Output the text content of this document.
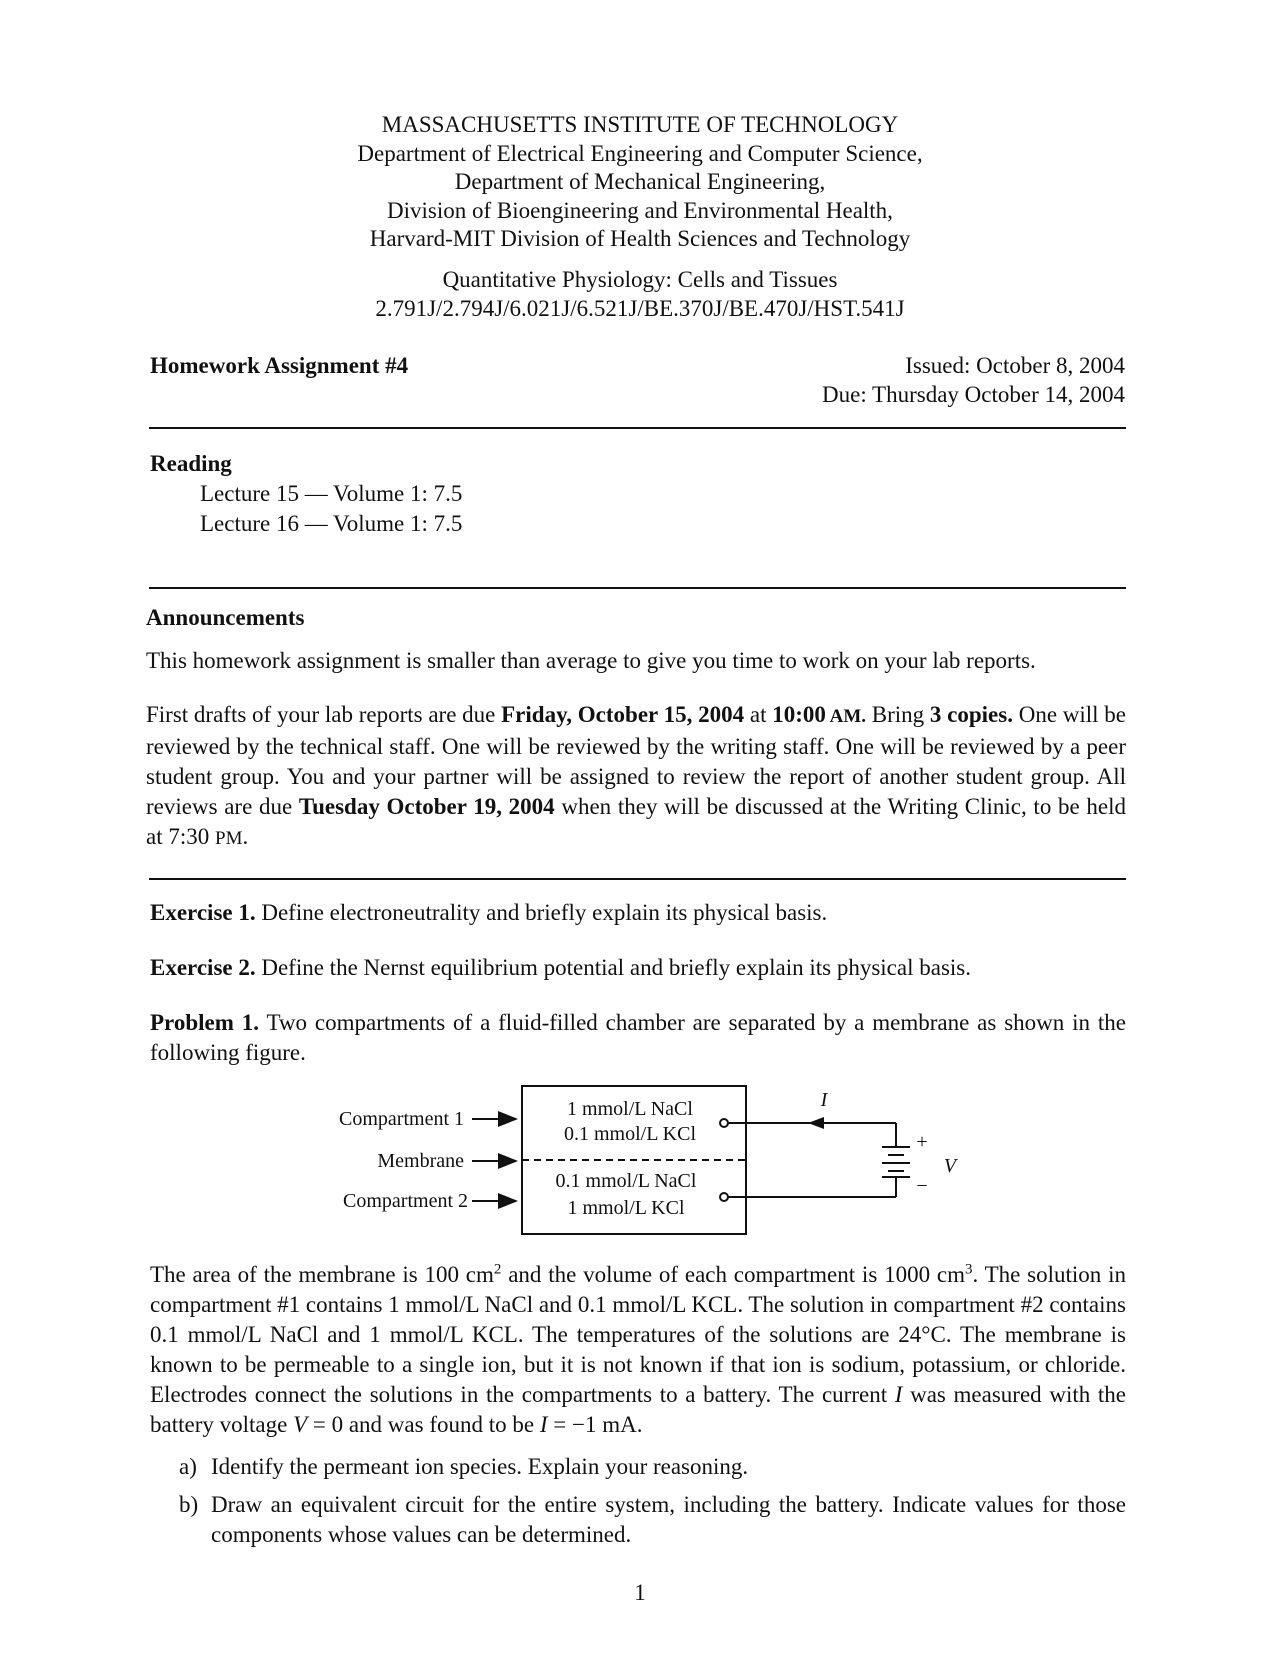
MASSACHUSETTS INSTITUTE OF TECHNOLOGY
Department of Electrical Engineering and Computer Science,
Department of Mechanical Engineering,
Division of Bioengineering and Environmental Health,
Harvard-MIT Division of Health Sciences and Technology
Quantitative Physiology: Cells and Tissues
2.791J/2.794J/6.021J/6.521J/BE.370J/BE.470J/HST.541J
Homework Assignment #4	Issued: October 8, 2004
Due: Thursday October 14, 2004
Reading
Lecture 15 — Volume 1: 7.5
Lecture 16 — Volume 1: 7.5
Announcements
This homework assignment is smaller than average to give you time to work on your lab reports.
First drafts of your lab reports are due Friday, October 15, 2004 at 10:00 AM. Bring 3 copies. One will be reviewed by the technical staff. One will be reviewed by the writing staff. One will be reviewed by a peer student group. You and your partner will be assigned to review the report of another student group. All reviews are due Tuesday October 19, 2004 when they will be discussed at the Writing Clinic, to be held at 7:30 PM.
Exercise 1. Define electroneutrality and briefly explain its physical basis.
Exercise 2. Define the Nernst equilibrium potential and briefly explain its physical basis.
Problem 1. Two compartments of a fluid-filled chamber are separated by a membrane as shown in the following figure.
Compartment 1
Membrane
Compartment 2
1 mmol/L NaCl
0.1 mmol/L KCl
0.1 mmol/L NaCl
1 mmol/L KCl
I
+
−
V
The area of the membrane is 100 $cm^2$ and the volume of each compartment is 1000 $cm^3$. The solution in compartment #1 contains 1 mmol/L NaCl and 0.1 mmol/L KCL. The solution in compartment #2 contains 0.1 mmol/L NaCl and 1 mmol/L KCL. The temperatures of the solutions are 24°C. The membrane is known to be permeable to a single ion, but it is not known if that ion is sodium, potassium, or chloride. Electrodes connect the solutions in the compartments to a battery. The current I was measured with the battery voltage V = 0 and was found to be I = −1 mA.
a) Identify the permeant ion species. Explain your reasoning.
b) Draw an equivalent circuit for the entire system, including the battery. Indicate values for those components whose values can be determined.
1
